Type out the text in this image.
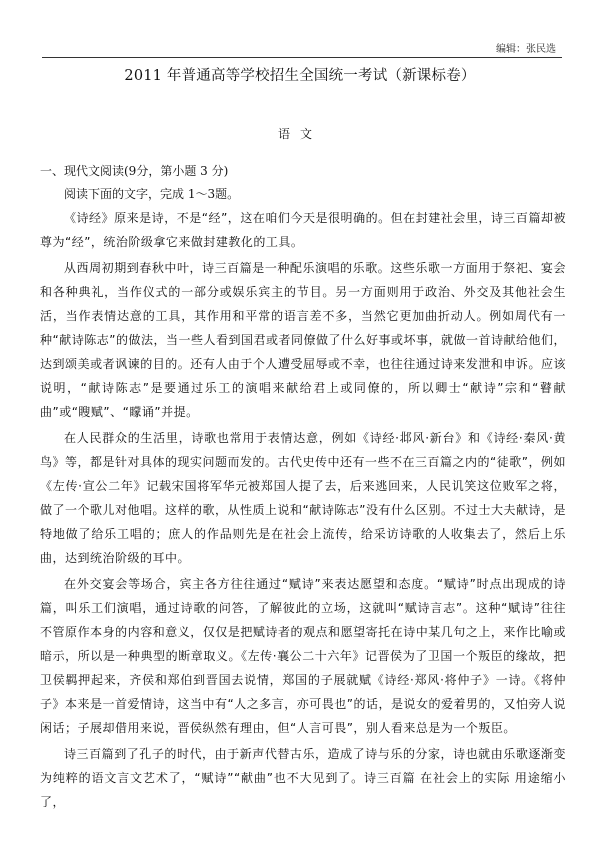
编辑：张民选
2011 年普通高等学校招生全国统一考试（新课标卷）
语文

一、现代文阅读(9分，第小题 3 分)

阅读下面的文字，完成 1～3题。

《诗经》原来是诗，不是“经”，这在咱们今天是很明确的。但在封建社会里，诗三百篇却被尊为“经”，统治阶级拿它来做封建教化的工具。

从西周初期到春秋中叶，诗三百篇是一种配乐演唱的乐歌。这些乐歌一方面用于祭祀、宴会和各种典礼，当作仪式的一部分或娱乐宾主的节目。另一方面则用于政治、外交及其他社会生活，当作表情达意的工具，其作用和平常的语言差不多，当然它更加曲折动人。例如周代有一种“献诗陈志”的做法，当一些人看到国君或者同僚做了什么好事或坏事，就做一首诗献给他们，达到颂美或者讽谏的目的。还有人由于个人遭受屈辱或不幸，也往往通过诗来发泄和申诉。应该说明，“献诗陈志”是要通过乐工的演唱来献给君上或同僚的，所以卿士“献诗”宗和“瞽献曲”或“瞍赋”、“矇诵”并提。

在人民群众的生活里，诗歌也常用于表情达意，例如《诗经·邶风·新台》和《诗经·秦风·黄鸟》等，都是针对具体的现实问题而发的。古代史传中还有一些不在三百篇之内的“徒歌”，例如《左传·宣公二年》记载宋国将军华元被郑国人提了去，后来逃回来，人民讥笑这位败军之将，做了一个歌儿对他唱。这样的歌，从性质上说和“献诗陈志”没有什么区别。不过士大夫献诗，是特地做了给乐工唱的；庶人的作品则先是在社会上流传，给采访诗歌的人收集去了，然后上乐曲，达到统治阶级的耳中。

在外交宴会等场合，宾主各方往往通过“赋诗”来表达愿望和态度。“赋诗”时点出现成的诗篇，叫乐工们演唱，通过诗歌的问答，了解彼此的立场，这就叫“赋诗言志”。这种“赋诗”往往不管原作本身的内容和意义，仅仅是把赋诗者的观点和愿望寄托在诗中某几句之上，来作比喻或暗示，所以是一种典型的断章取义。《左传·襄公二十六年》记晋侯为了卫国一个叛臣的缘故，把卫侯羁押起来，齐侯和郑伯到晋国去说情，郑国的子展就赋《诗经·郑风·将仲子》一诗。《将仲子》本来是一首爱情诗，这当中有“人之多言，亦可畏也”的话，是说女的爱着男的，又怕旁人说闲话；子展却借用来说，晋侯纵然有理由，但“人言可畏”，别人看来总是为一个叛臣。

诗三百篇到了孔子的时代，由于新声代替古乐，造成了诗与乐的分家，诗也就由乐歌逐渐变为纯粹的语文言文艺术了，“赋诗”“献曲”也不大见到了。诗三百篇 在社会上的实际 用途缩小了，
